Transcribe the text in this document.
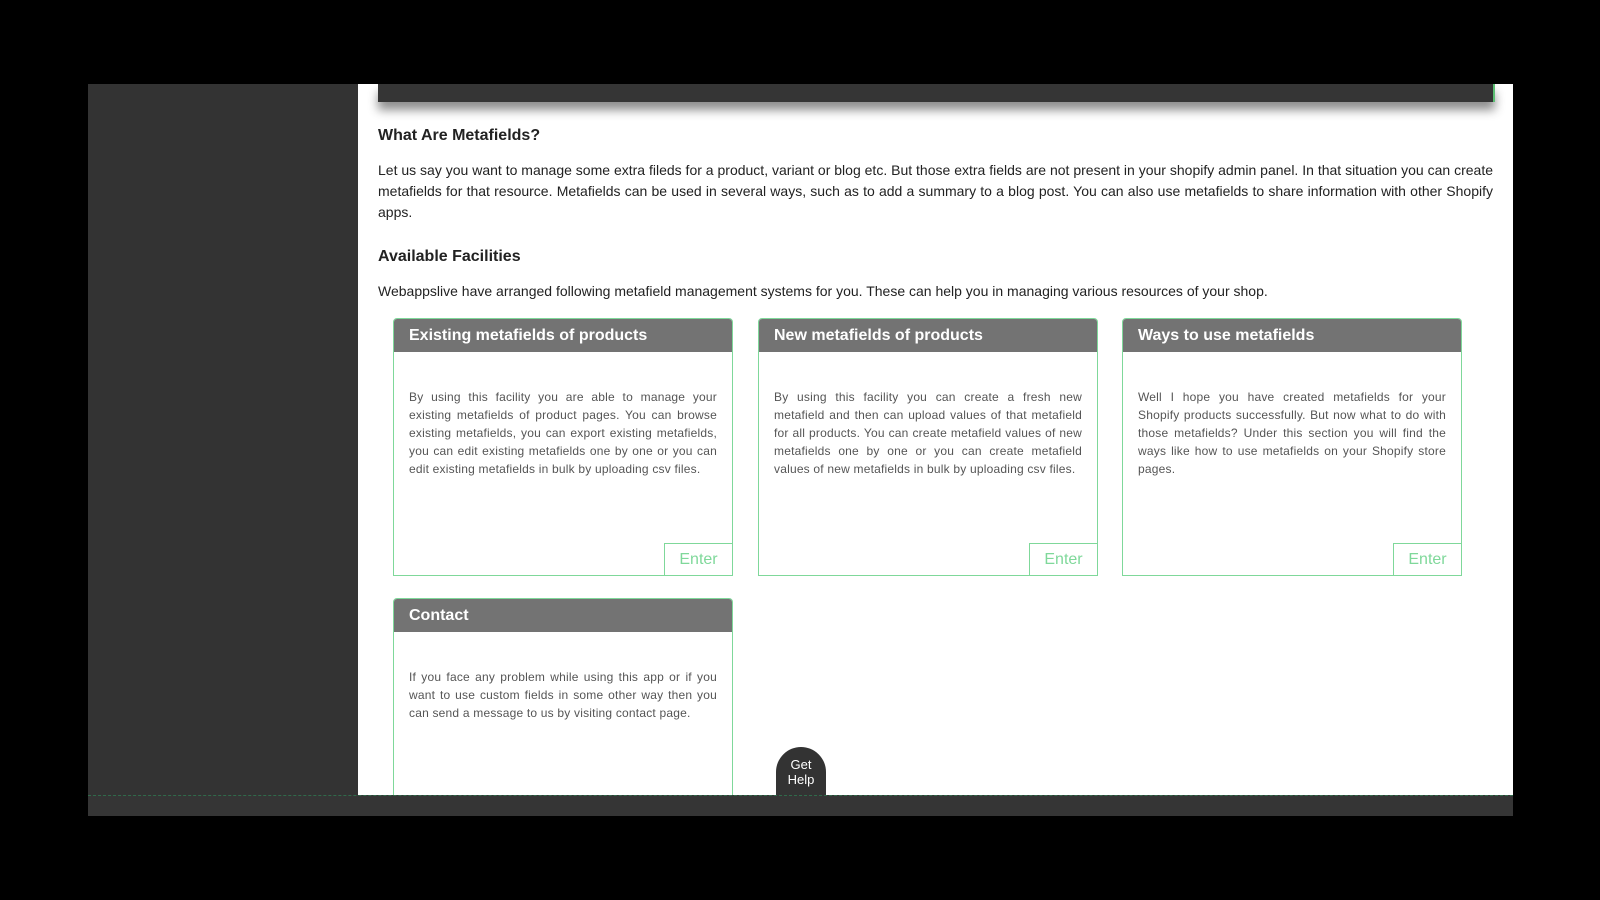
What Are Metafields?
Let us say you want to manage some extra fileds for a product, variant or blog etc. But those extra fields are not present in your shopify admin panel. In that situation you can create metafields for that resource. Metafields can be used in several ways, such as to add a summary to a blog post. You can also use metafields to share information with other Shopify apps.
Available Facilities
Webappslive have arranged following metafield management systems for you. These can help you in managing various resources of your shop.
Existing metafields of products
By using this facility you are able to manage your existing metafields of product pages. You can browse existing metafields, you can export existing metafields, you can edit existing metafields one by one or you can edit existing metafields in bulk by uploading csv files.
Enter
New metafields of products
By using this facility you can create a fresh new metafield and then can upload values of that metafield for all products. You can create metafield values of new metafields one by one or you can create metafield values of new metafields in bulk by uploading csv files.
Enter
Ways to use metafields
Well I hope you have created metafields for your Shopify products successfully. But now what to do with those metafields? Under this section you will find the ways like how to use metafields on your Shopify store pages.
Enter
Contact
If you face any problem while using this app or if you want to use custom fields in some other way then you can send a message to us by visiting contact page.
Get
Help
